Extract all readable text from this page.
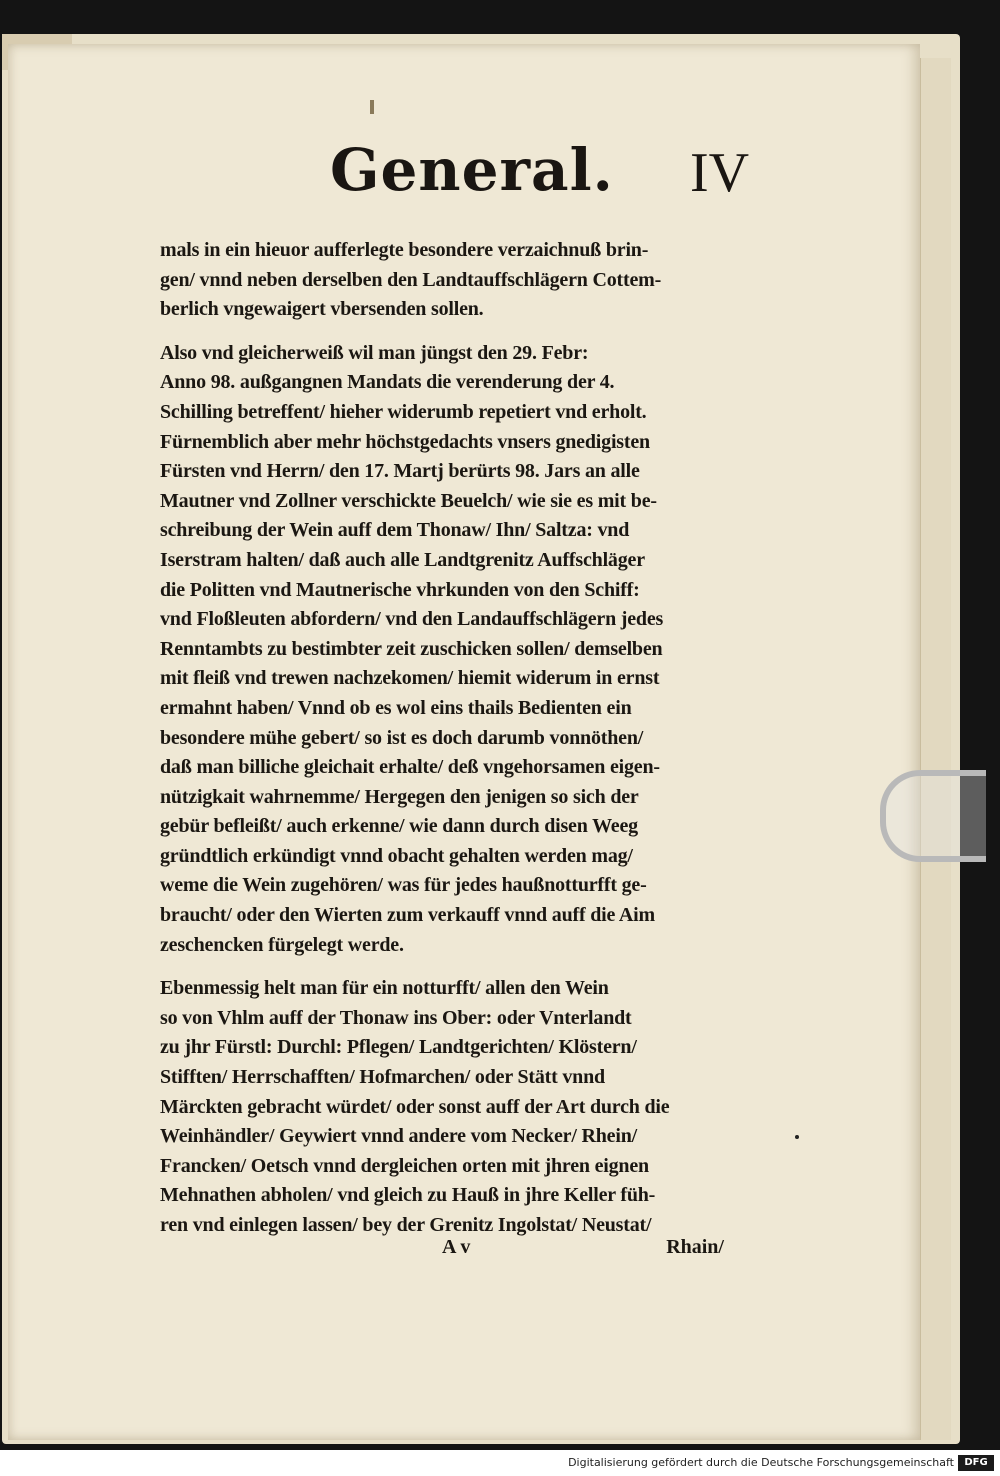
General. IV
mals in ein hieuor aufferlegte besondere verzaichnuß brin-
gen/ vnnd neben derselben den Landtauffschlägern Cottem-
berlich vngewaigert vbersenden sollen.
Also vnd gleicherweiß wil man jüngst den 29. Febr:
Anno 98. außgangnen Mandats die verenderung der 4.
Schilling betreffent/ hieher widerumb repetiert vnd erholt.
Fürnemblich aber mehr höchstgedachts vnsers gnedigisten
Fürsten vnd Herrn/ den 17. Martj berürts 98. Jars an alle
Mautner vnd Zollner verschickte Beuelch/ wie sie es mit be-
schreibung der Wein auff dem Thonaw/ Ihn/ Saltza: vnd
Iserstram halten/ daß auch alle Landtgrenitz Auffschläger
die Politten vnd Mautnerische vhrkunden von den Schiff:
vnd Floßleuten abfordern/ vnd den Landauffschlägern jedes
Renntambts zu bestimbter zeit zuschicken sollen/ demselben
mit fleiß vnd trewen nachzekomen/ hiemit widerum in ernst
ermahnt haben/ Vnnd ob es wol eins thails Bedienten ein
besondere mühe gebert/ so ist es doch darumb vonnöthen/
daß man billiche gleichait erhalte/ deß vngehorsamen eigen-
nützigkait wahrnemme/ Hergegen den jenigen so sich der
gebür befleißt/ auch erkenne/ wie dann durch disen Weeg
gründtlich erkündigt vnnd obacht gehalten werden mag/
weme die Wein zugehören/ was für jedes haußnotturfft ge-
braucht/ oder den Wierten zum verkauff vnnd auff die Aim
zeschencken fürgelegt werde.
Ebenmessig helt man für ein notturfft/ allen den Wein
so von Vhlm auff der Thonaw ins Ober: oder Vnterlandt
zu jhr Fürstl: Durchl: Pflegen/ Landtgerichten/ Klöstern/
Stifften/ Herrschafften/ Hofmarchen/ oder Stätt vnnd
Märckten gebracht würdet/ oder sonst auff der Art durch die
Weinhändler/ Geywiert vnnd andere vom Necker/ Rhein/
Francken/ Oetsch vnnd dergleichen orten mit jhren eignen
Mehnathen abholen/ vnd gleich zu Hauß in jhre Keller füh-
ren vnd einlegen lassen/ bey der Grenitz Ingolstat/ Neustat/
A v	Rhain/
Digitalisierung gefördert durch die Deutsche Forschungsgemeinschaft	DFG
